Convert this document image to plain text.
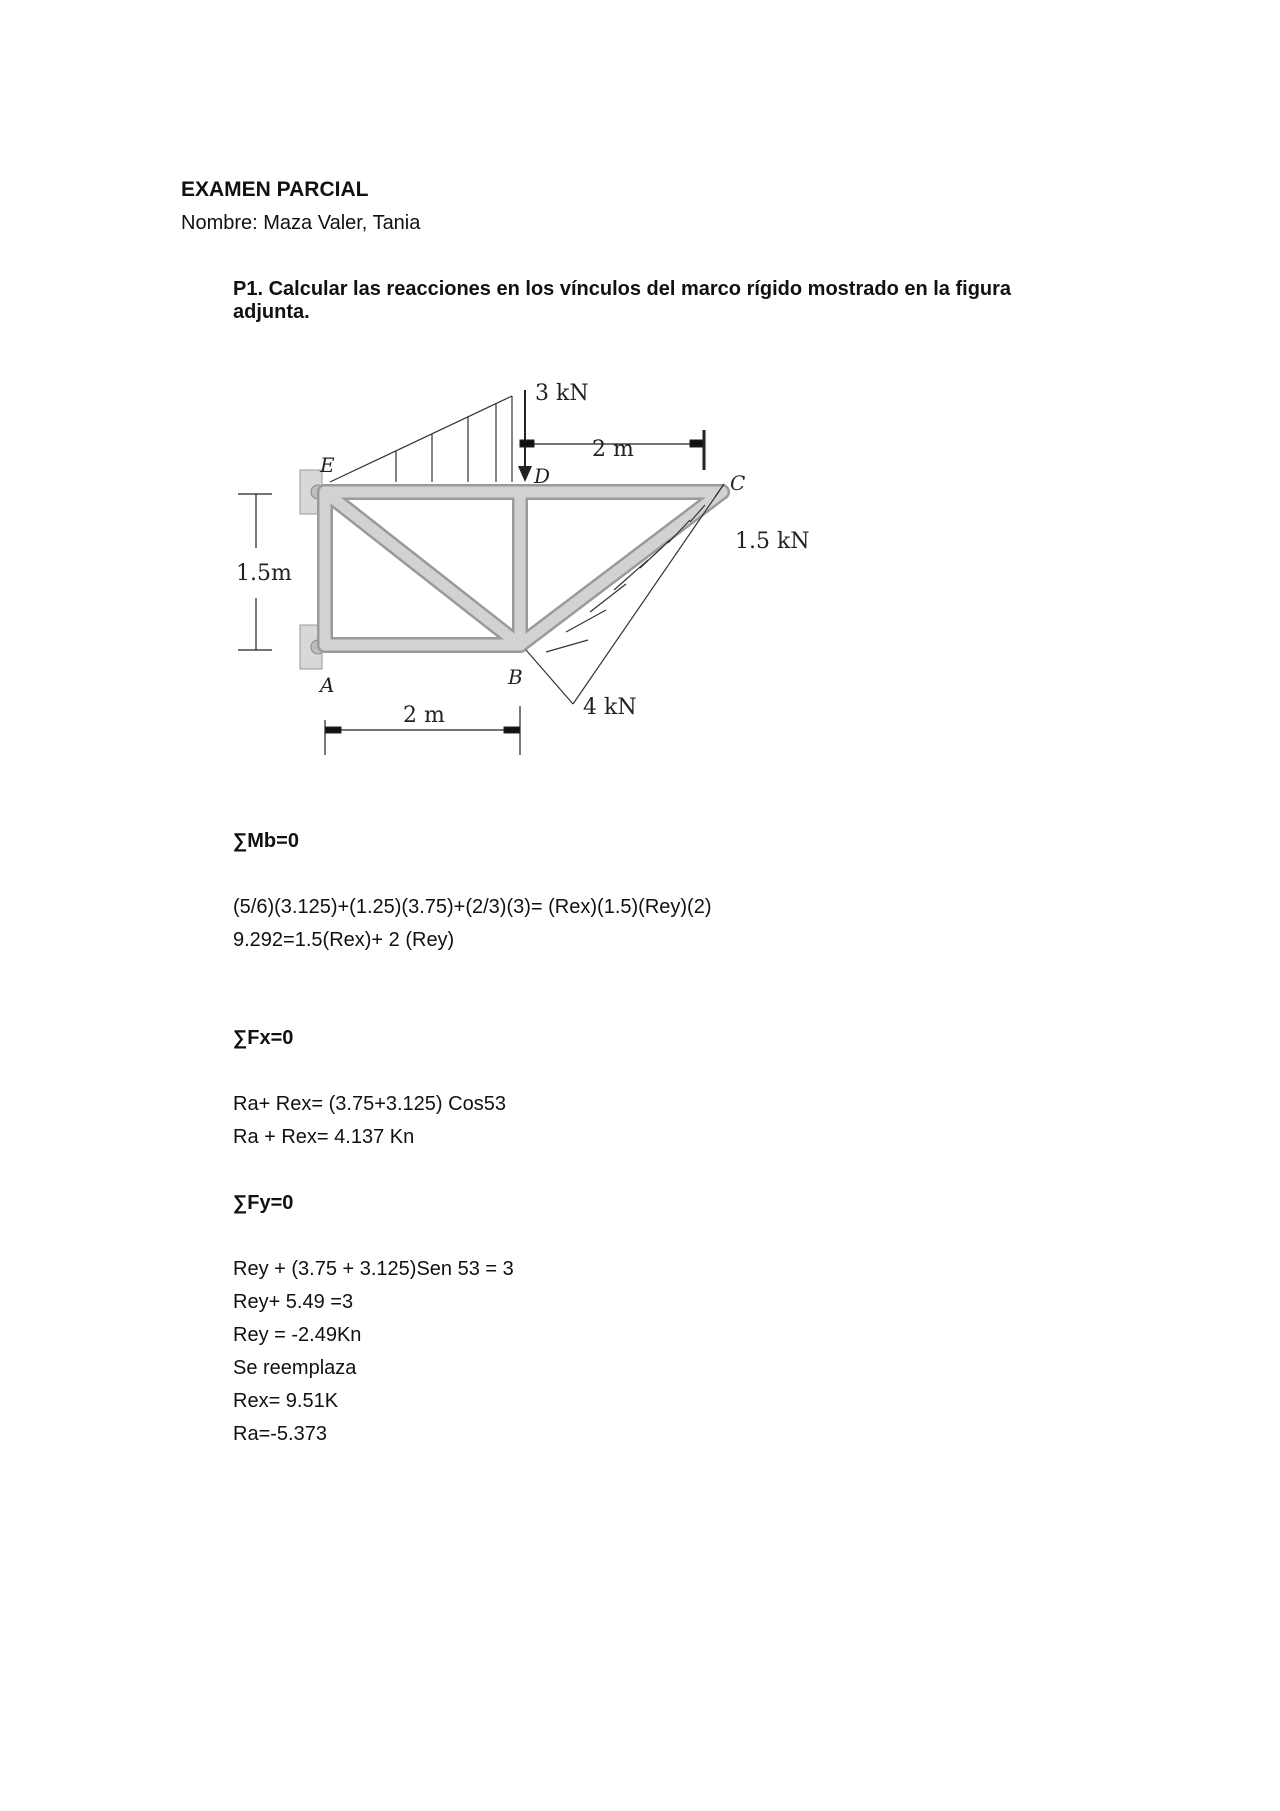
EXAMEN PARCIAL
Nombre: Maza Valer, Tania
P1. Calcular las reacciones en los vínculos del marco rígido mostrado en la figura adjunta.
3 kN
2 m
E	D	C
A	B
1.5 kN
4 kN
1.5m
2 m
∑Mb=0
(5/6)(3.125)+(1.25)(3.75)+(2/3)(3)= (Rex)(1.5)(Rey)(2)
9.292=1.5(Rex)+ 2 (Rey)
∑Fx=0
Ra+ Rex= (3.75+3.125) Cos53
Ra + Rex= 4.137 Kn
∑Fy=0
Rey + (3.75 + 3.125)Sen 53 = 3
Rey+ 5.49 =3
Rey = -2.49Kn
Se reemplaza
Rex= 9.51K
Ra=-5.373
